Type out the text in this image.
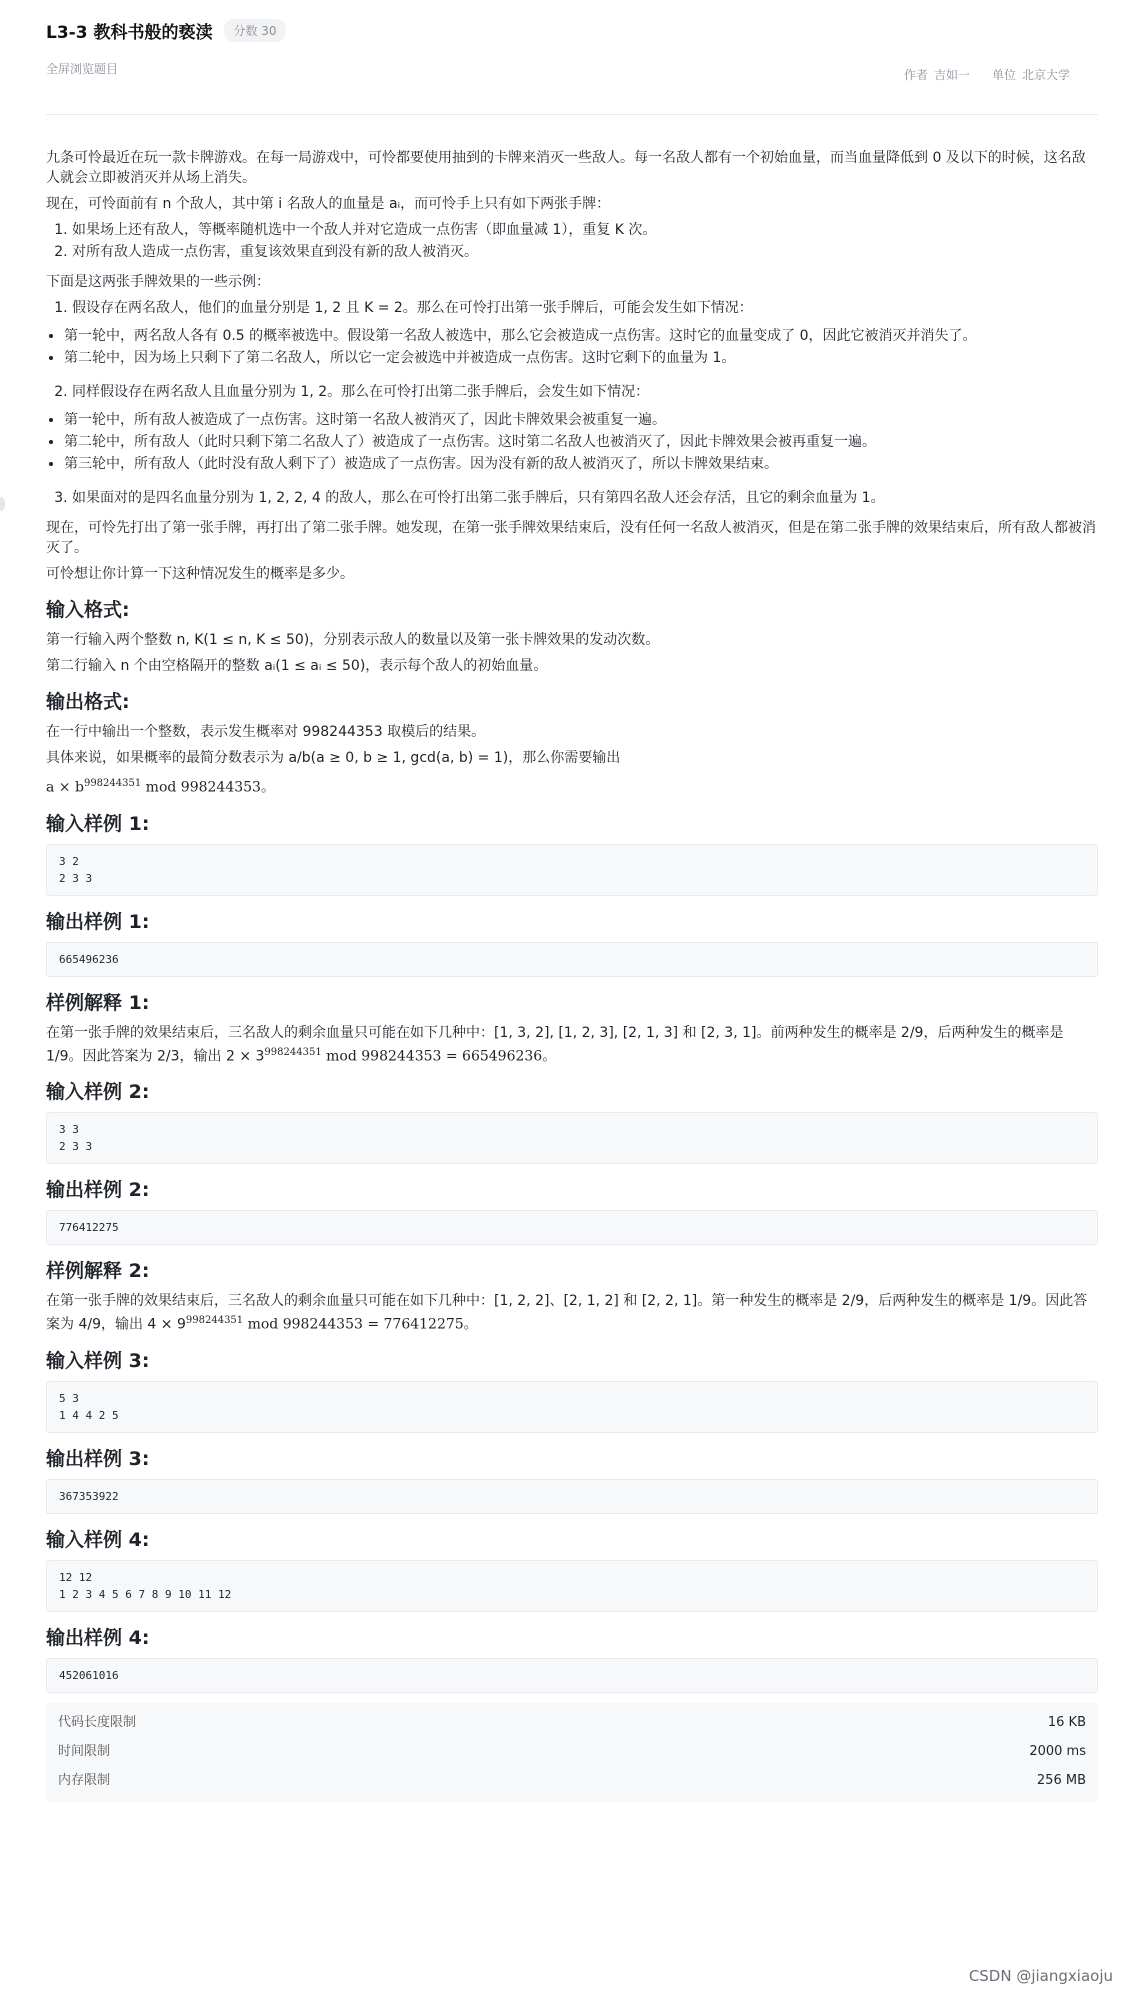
L3-3 教科书般的亵渎	分数 30
全屏浏览题目	作者 吉如一 单位 北京大学

九条可怜最近在玩一款卡牌游戏。在每一局游戏中，可怜都要使用抽到的卡牌来消灭一些敌人。每一名敌人都有一个初始血量，而当血量降低到 0 及以下的时候，这名敌人就会立即被消灭并从场上消失。

现在，可怜面前有 n 个敌人，其中第 i 名敌人的血量是 aᵢ，而可怜手上只有如下两张手牌：

1. 如果场上还有敌人，等概率随机选中一个敌人并对它造成一点伤害（即血量减 1），重复 K 次。
2. 对所有敌人造成一点伤害，重复该效果直到没有新的敌人被消灭。

下面是这两张手牌效果的一些示例：

1. 假设存在两名敌人，他们的血量分别是 1, 2 且 K = 2。那么在可怜打出第一张手牌后，可能会发生如下情况：
• 第一轮中，两名敌人各有 0.5 的概率被选中。假设第一名敌人被选中，那么它会被造成一点伤害。这时它的血量变成了 0，因此它被消灭并消失了。
• 第二轮中，因为场上只剩下了第二名敌人，所以它一定会被选中并被造成一点伤害。这时它剩下的血量为 1。
2. 同样假设存在两名敌人且血量分别为 1, 2。那么在可怜打出第二张手牌后，会发生如下情况：
• 第一轮中，所有敌人被造成了一点伤害。这时第一名敌人被消灭了，因此卡牌效果会被重复一遍。
• 第二轮中，所有敌人（此时只剩下第二名敌人了）被造成了一点伤害。这时第二名敌人也被消灭了，因此卡牌效果会被再重复一遍。
• 第三轮中，所有敌人（此时没有敌人剩下了）被造成了一点伤害。因为没有新的敌人被消灭了，所以卡牌效果结束。
3. 如果面对的是四名血量分别为 1, 2, 2, 4 的敌人，那么在可怜打出第二张手牌后，只有第四名敌人还会存活，且它的剩余血量为 1。

现在，可怜先打出了第一张手牌，再打出了第二张手牌。她发现，在第一张手牌效果结束后，没有任何一名敌人被消灭，但是在第二张手牌的效果结束后，所有敌人都被消灭了。

可怜想让你计算一下这种情况发生的概率是多少。

输入格式:

第一行输入两个整数 n, K(1 ≤ n, K ≤ 50)，分别表示敌人的数量以及第一张卡牌效果的发动次数。

第二行输入 n 个由空格隔开的整数 aᵢ(1 ≤ aᵢ ≤ 50)，表示每个敌人的初始血量。

输出格式:

在一行中输出一个整数，表示发生概率对 998244353 取模后的结果。

具体来说，如果概率的最简分数表示为 a/b(a ≥ 0, b ≥ 1, gcd(a, b) = 1)，那么你需要输出

$a \times b^{998244351}$ mod 998244353。

输入样例 1:
3 2
2 3 3
输出样例 1:
665496236
样例解释 1:

在第一张手牌的效果结束后，三名敌人的剩余血量只可能在如下几种中：[1, 3, 2], [1, 2, 3], [2, 1, 3] 和 [2, 3, 1]。前两种发生的概率是 2/9，后两种发生的概率是 1/9。因此答案为 2/3，输出 $2 \times 3^{998244351}$ mod 998244353 = 665496236。

输入样例 2:
3 3
2 3 3
输出样例 2:
776412275
样例解释 2:

在第一张手牌的效果结束后，三名敌人的剩余血量只可能在如下几种中：[1, 2, 2]、[2, 1, 2] 和 [2, 2, 1]。第一种发生的概率是 2/9，后两种发生的概率是 1/9。因此答案为 4/9，输出 $4 \times 9^{998244351}$ mod 998244353 = 776412275。

输入样例 3:
5 3
1 4 4 2 5
输出样例 3:
367353922
输入样例 4:
12 12
1 2 3 4 5 6 7 8 9 10 11 12
输出样例 4:
452061016
代码长度限制	16 KB
时间限制	2000 ms
内存限制	256 MB
CSDN @jiangxiaoju
